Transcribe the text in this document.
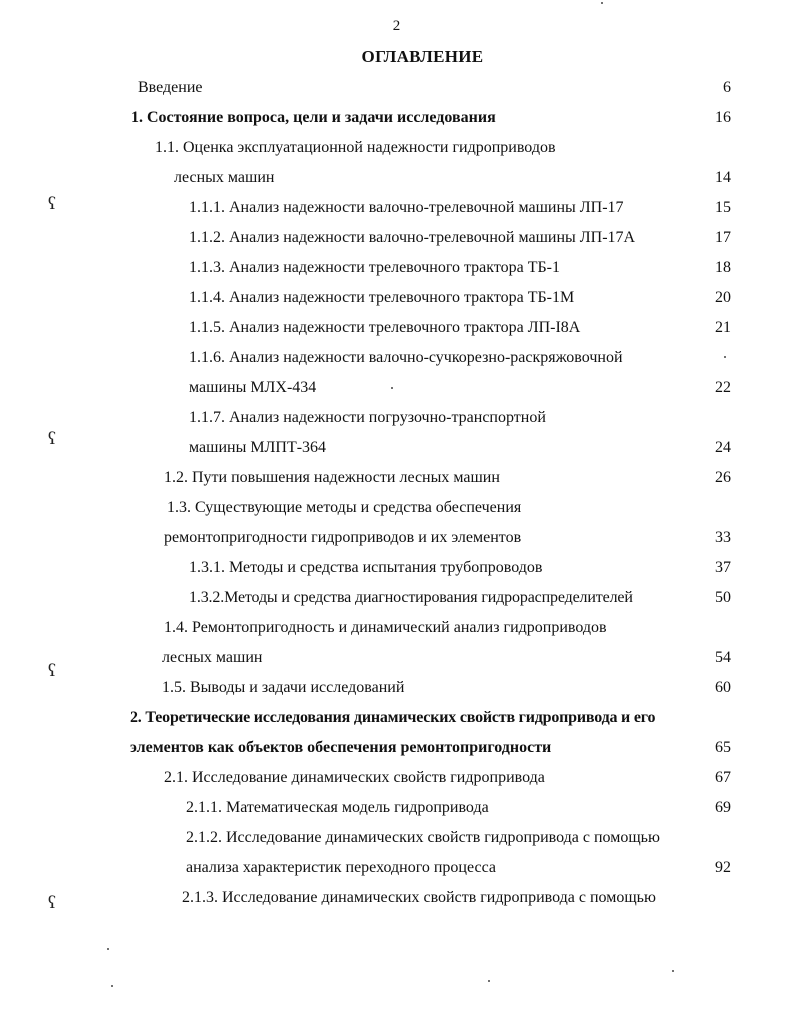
2
ОГЛАВЛЕНИЕ
ʕ
ʕ
ʕ
ʕ
Введение	6
1. Состояние вопроса, цели и задачи исследования	16
1.1. Оценка эксплуатационной надежности гидроприводов
лесных машин	14
1.1.1. Анализ надежности валочно-трелевочной машины ЛП-17	15
1.1.2. Анализ надежности валочно-трелевочной машины ЛП-17А	17
1.1.3. Анализ надежности трелевочного трактора ТБ-1	18
1.1.4. Анализ надежности трелевочного трактора ТБ-1М	20
1.1.5. Анализ надежности трелевочного трактора ЛП-I8А	21
1.1.6. Анализ надежности валочно-сучкорезно-раскряжовочной
машины МЛХ-434	22
1.1.7. Анализ надежности погрузочно-транспортной
машины МЛПТ-364	24
1.2. Пути повышения надежности лесных машин	26
1.3. Существующие методы и средства обеспечения
ремонтопригодности гидроприводов и их элементов	33
1.3.1. Методы и средства испытания трубопроводов	37
1.3.2.Методы и средства диагностирования гидрораспределителей	50
1.4. Ремонтопригодность и динамический анализ гидроприводов
лесных машин	54
1.5. Выводы и задачи исследований	60
2. Теоретические исследования динамических свойств гидропривода и его
элементов как объектов обеспечения ремонтопригодности	65
2.1. Исследование динамических свойств гидропривода	67
2.1.1. Математическая модель гидропривода	69
2.1.2. Исследование динамических свойств гидропривода с помощью
анализа характеристик переходного процесса	92
2.1.3. Исследование динамических свойств гидропривода с помощью
